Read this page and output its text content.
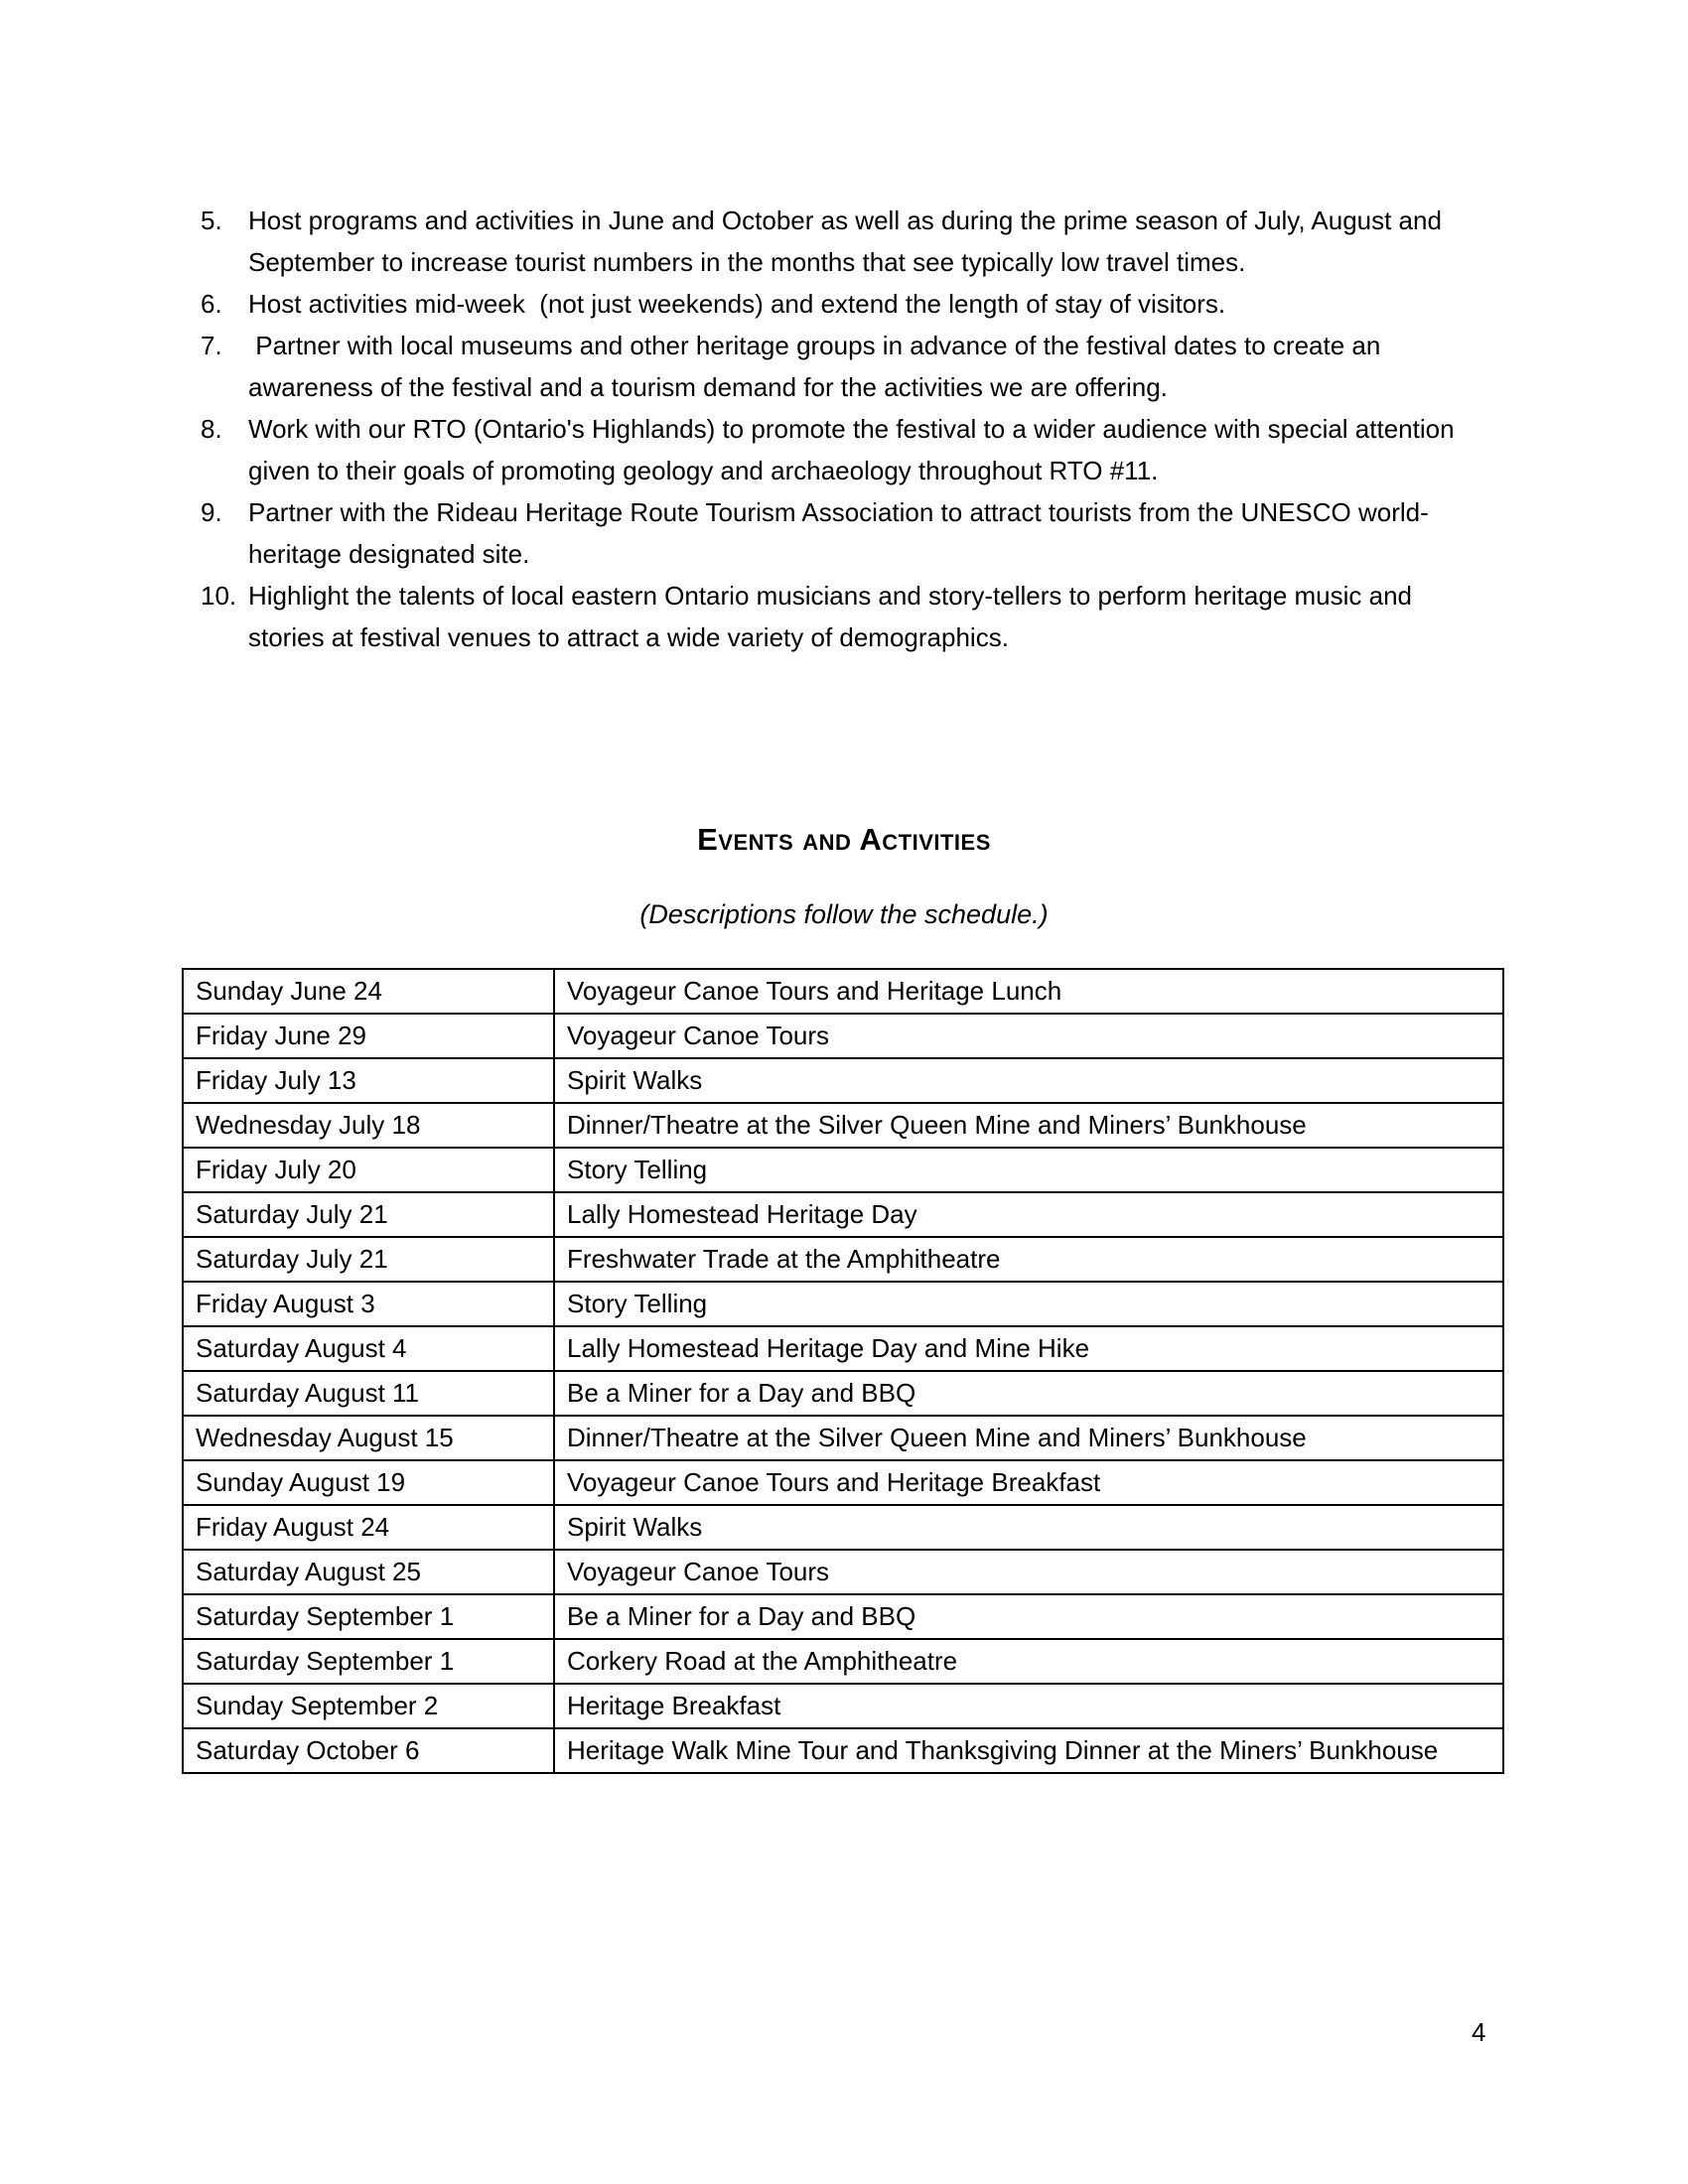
5.	Host programs and activities in June and October as well as during the prime season of July, August and September to increase tourist numbers in the months that see typically low travel times.
6.	Host activities mid-week  (not just weekends) and extend the length of stay of visitors.
7.	Partner with local museums and other heritage groups in advance of the festival dates to create an awareness of the festival and a tourism demand for the activities we are offering.
8.	Work with our RTO (Ontario's Highlands) to promote the festival to a wider audience with special attention given to their goals of promoting geology and archaeology throughout RTO #11.
9.	Partner with the Rideau Heritage Route Tourism Association to attract tourists from the UNESCO world-heritage designated site.
10. Highlight the talents of local eastern Ontario musicians and story-tellers to perform heritage music and stories at festival venues to attract a wide variety of demographics.
Events and Activities
(Descriptions follow the schedule.)
Sunday June 24	Voyageur Canoe Tours and Heritage Lunch
Friday June 29	Voyageur Canoe Tours
Friday July 13	Spirit Walks
Wednesday July 18	Dinner/Theatre at the Silver Queen Mine and Miners’ Bunkhouse
Friday July 20	Story Telling
Saturday July 21	Lally Homestead Heritage Day
Saturday July 21	Freshwater Trade at the Amphitheatre
Friday August 3	Story Telling
Saturday August 4	Lally Homestead Heritage Day and Mine Hike
Saturday August 11	Be a Miner for a Day and BBQ
Wednesday August 15	Dinner/Theatre at the Silver Queen Mine and Miners’ Bunkhouse
Sunday August 19	Voyageur Canoe Tours and Heritage Breakfast
Friday August 24	Spirit Walks
Saturday August 25	Voyageur Canoe Tours
Saturday September 1	Be a Miner for a Day and BBQ
Saturday September 1	Corkery Road at the Amphitheatre
Sunday September 2	Heritage Breakfast
Saturday October 6	Heritage Walk Mine Tour and Thanksgiving Dinner at the Miners’ Bunkhouse
4
